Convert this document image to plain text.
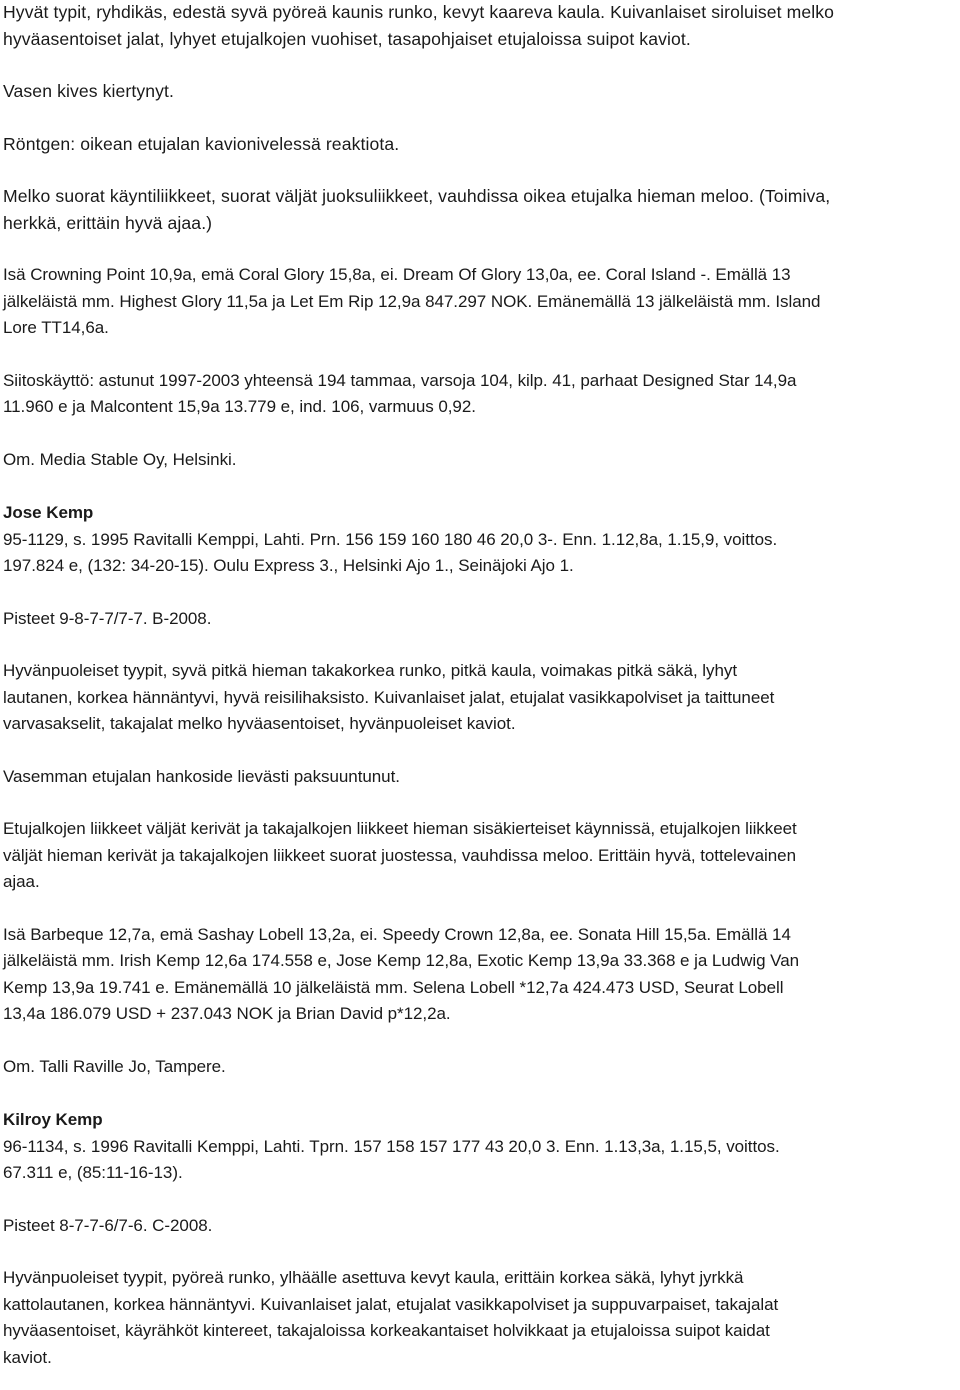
Hyvät typit, ryhdikäs, edestä syvä pyöreä kaunis runko, kevyt kaareva kaula. Kuivanlaiset siroluiset melko
hyväasentoiset jalat, lyhyet etujalkojen vuohiset, tasapohjaiset etujaloissa suipot kaviot.

Vasen kives kiertynyt.

Röntgen: oikean etujalan kavionivelessä reaktiota.

Melko suorat käyntiliikkeet, suorat väljät juoksuliikkeet, vauhdissa oikea etujalka hieman meloo. (Toimiva,
herkkä, erittäin hyvä ajaa.)

Isä Crowning Point 10,9a, emä Coral Glory 15,8a, ei. Dream Of Glory 13,0a, ee. Coral Island -. Emällä 13
jälkeläistä mm. Highest Glory 11,5a ja Let Em Rip 12,9a 847.297 NOK. Emänemällä 13 jälkeläistä mm. Island
Lore TT14,6a.

Siitoskäyttö: astunut 1997-2003 yhteensä 194 tammaa, varsoja 104, kilp. 41, parhaat Designed Star 14,9a
11.960 e ja Malcontent 15,9a 13.779 e, ind. 106, varmuus 0,92.

Om. Media Stable Oy, Helsinki.

Jose Kemp
95-1129, s. 1995 Ravitalli Kemppi, Lahti. Prn. 156 159 160 180 46 20,0 3-. Enn. 1.12,8a, 1.15,9, voittos.
197.824 e, (132: 34-20-15). Oulu Express 3., Helsinki Ajo 1., Seinäjoki Ajo 1.

Pisteet 9-8-7-7/7-7. B-2008.

Hyvänpuoleiset tyypit, syvä pitkä hieman takakorkea runko, pitkä kaula, voimakas pitkä säkä, lyhyt
lautanen, korkea hännäntyvi, hyvä reisilihaksisto. Kuivanlaiset jalat, etujalat vasikkapolviset ja taittuneet
varvasakselit, takajalat melko hyväasentoiset, hyvänpuoleiset kaviot.

Vasemman etujalan hankoside lievästi paksuuntunut.

Etujalkojen liikkeet väljät kerivät ja takajalkojen liikkeet hieman sisäkierteiset käynnissä, etujalkojen liikkeet
väljät hieman kerivät ja takajalkojen liikkeet suorat juostessa, vauhdissa meloo. Erittäin hyvä, tottelevainen
ajaa.

Isä Barbeque 12,7a, emä Sashay Lobell 13,2a, ei. Speedy Crown 12,8a, ee. Sonata Hill 15,5a. Emällä 14
jälkeläistä mm. Irish Kemp 12,6a 174.558 e, Jose Kemp 12,8a, Exotic Kemp 13,9a 33.368 e ja Ludwig Van
Kemp 13,9a 19.741 e. Emänemällä 10 jälkeläistä mm. Selena Lobell *12,7a 424.473 USD, Seurat Lobell
13,4a 186.079 USD + 237.043 NOK ja Brian David p*12,2a.

Om. Talli Raville Jo, Tampere.

Kilroy Kemp
96-1134, s. 1996 Ravitalli Kemppi, Lahti. Tprn. 157 158 157 177 43 20,0 3. Enn. 1.13,3a, 1.15,5, voittos.
67.311 e, (85:11-16-13).

Pisteet 8-7-7-6/7-6. C-2008.

Hyvänpuoleiset tyypit, pyöreä runko, ylhäälle asettuva kevyt kaula, erittäin korkea säkä, lyhyt jyrkkä
kattolautanen, korkea hännäntyvi. Kuivanlaiset jalat, etujalat vasikkapolviset ja suppuvarpaiset, takajalat
hyväasentoiset, käyrähköt kintereet, takajaloissa korkeakantaiset holvikkaat ja etujaloissa suipot kaidat
kaviot.
